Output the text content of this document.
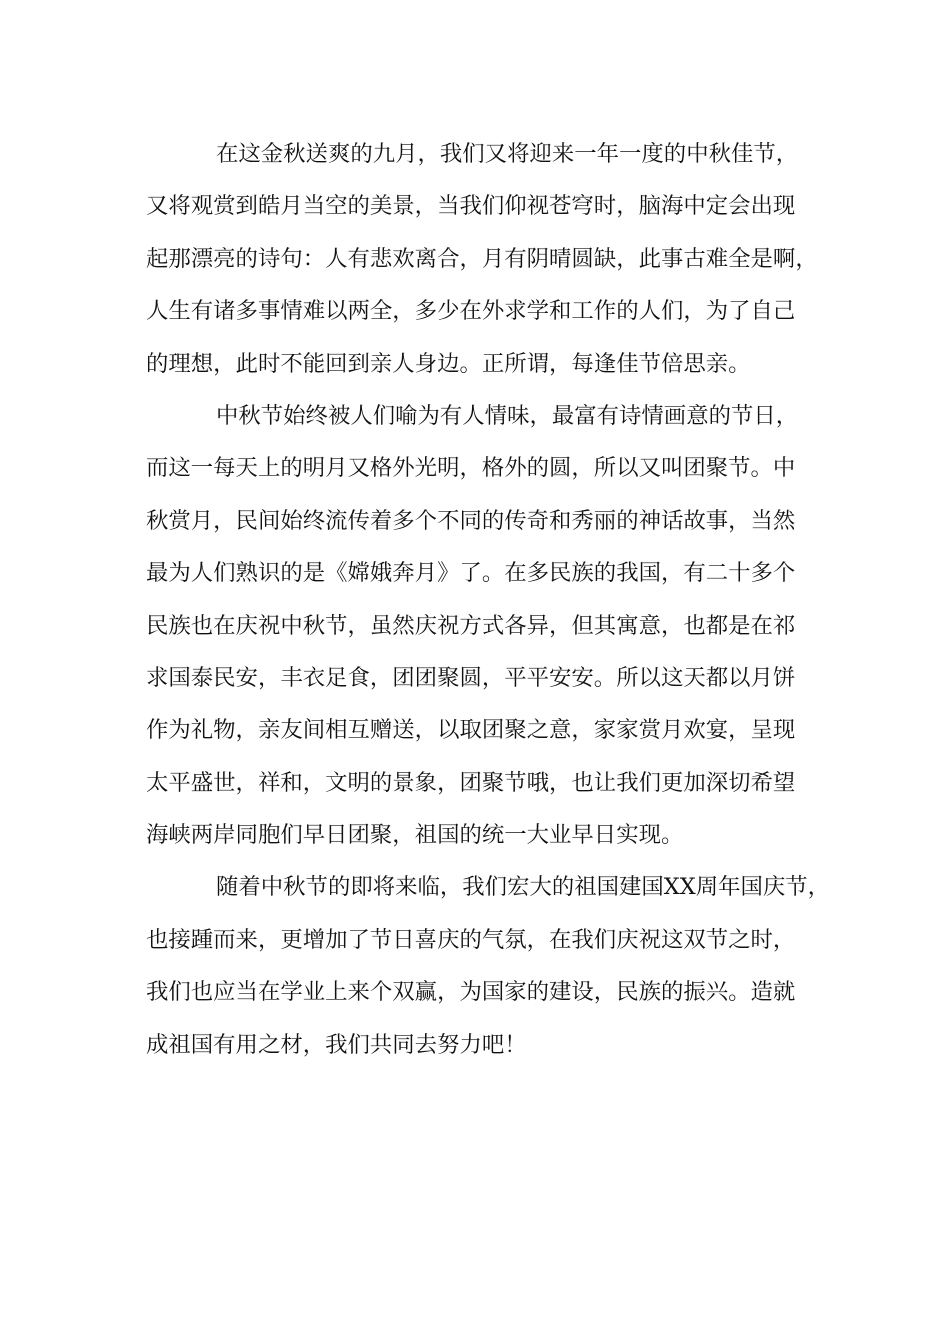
在这金秋送爽的九月，我们又将迎来一年一度的中秋佳节，
又将观赏到皓月当空的美景，当我们仰视苍穹时，脑海中定会出现
起那漂亮的诗句：人有悲欢离合，月有阴晴圆缺，此事古难全是啊，
人生有诸多事情难以两全，多少在外求学和工作的人们，为了自己
的理想，此时不能回到亲人身边。正所谓，每逢佳节倍思亲。
中秋节始终被人们喻为有人情味，最富有诗情画意的节日，
而这一每天上的明月又格外光明，格外的圆，所以又叫团聚节。中
秋赏月，民间始终流传着多个不同的传奇和秀丽的神话故事，当然
最为人们熟识的是《嫦娥奔月》了。在多民族的我国，有二十多个
民族也在庆祝中秋节，虽然庆祝方式各异，但其寓意，也都是在祁
求国泰民安，丰衣足食，团团聚圆，平平安安。所以这天都以月饼
作为礼物，亲友间相互赠送，以取团聚之意，家家赏月欢宴，呈现
太平盛世，祥和，文明的景象，团聚节哦，也让我们更加深切希望
海峡两岸同胞们早日团聚，祖国的统一大业早日实现。
随着中秋节的即将来临，我们宏大的祖国建国XX周年国庆节，
也接踵而来，更增加了节日喜庆的气氛，在我们庆祝这双节之时，
我们也应当在学业上来个双赢，为国家的建设，民族的振兴。造就
成祖国有用之材，我们共同去努力吧！
